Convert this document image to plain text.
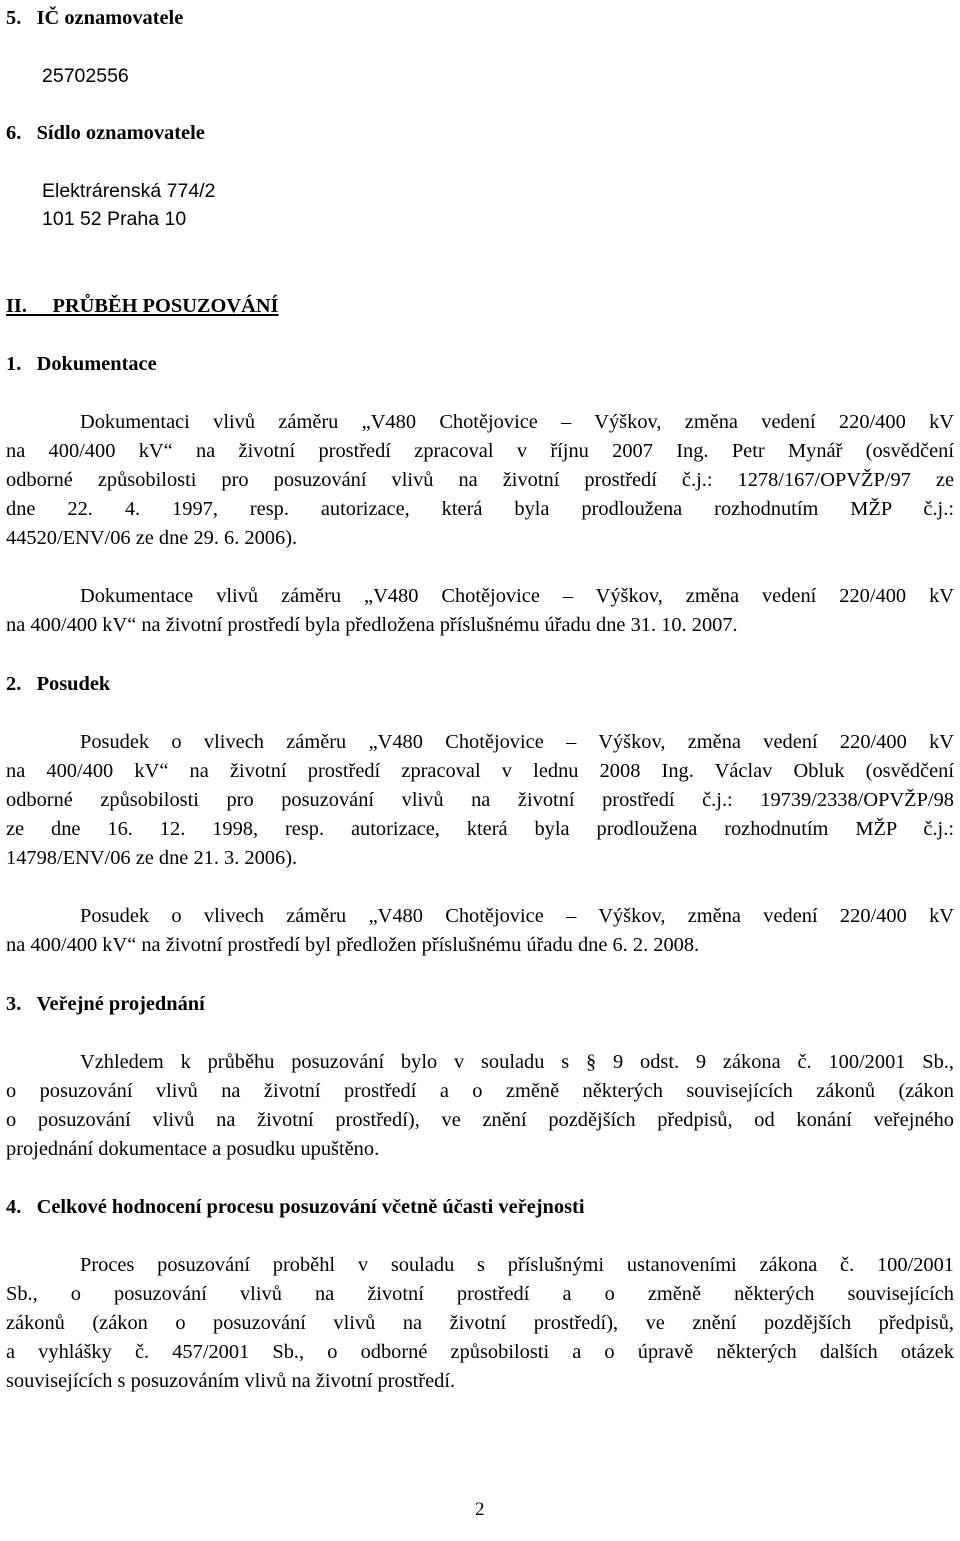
5. IČ oznamovatele
25702556
6. Sídlo oznamovatele
Elektrárenská 774/2
101 52 Praha 10
II. PRŮBĚH POSUZOVÁNÍ
1. Dokumentace
Dokumentaci vlivů záměru „V480 Chotějovice – Výškov, změna vedení 220/400 kV
na 400/400 kV“ na životní prostředí zpracoval v říjnu 2007 Ing. Petr Mynář (osvědčení
odborné způsobilosti pro posuzování vlivů na životní prostředí č.j.: 1278/167/OPVŽP/97 ze
dne 22. 4. 1997, resp. autorizace, která byla prodloužena rozhodnutím MŽP č.j.:
44520/ENV/06 ze dne 29. 6. 2006).
Dokumentace vlivů záměru „V480 Chotějovice – Výškov, změna vedení 220/400 kV
na 400/400 kV“ na životní prostředí byla předložena příslušnému úřadu dne 31. 10. 2007.
2. Posudek
Posudek o vlivech záměru „V480 Chotějovice – Výškov, změna vedení 220/400 kV
na 400/400 kV“ na životní prostředí zpracoval v lednu 2008 Ing. Václav Obluk (osvědčení
odborné způsobilosti pro posuzování vlivů na životní prostředí č.j.: 19739/2338/OPVŽP/98
ze dne 16. 12. 1998, resp. autorizace, která byla prodloužena rozhodnutím MŽP č.j.:
14798/ENV/06 ze dne 21. 3. 2006).
Posudek o vlivech záměru „V480 Chotějovice – Výškov, změna vedení 220/400 kV
na 400/400 kV“ na životní prostředí byl předložen příslušnému úřadu dne 6. 2. 2008.
3. Veřejné projednání
Vzhledem k průběhu posuzování bylo v souladu s § 9 odst. 9 zákona č. 100/2001 Sb.,
o posuzování vlivů na životní prostředí a o změně některých souvisejících zákonů (zákon
o posuzování vlivů na životní prostředí), ve znění pozdějších předpisů, od konání veřejného
projednání dokumentace a posudku upuštěno.
4. Celkové hodnocení procesu posuzování včetně účasti veřejnosti
Proces posuzování proběhl v souladu s příslušnými ustanoveními zákona č. 100/2001
Sb., o posuzování vlivů na životní prostředí a o změně některých souvisejících
zákonů (zákon o posuzování vlivů na životní prostředí), ve znění pozdějších předpisů,
a vyhlášky č. 457/2001 Sb., o odborné způsobilosti a o úpravě některých dalších otázek
souvisejících s posuzováním vlivů na životní prostředí.
2
